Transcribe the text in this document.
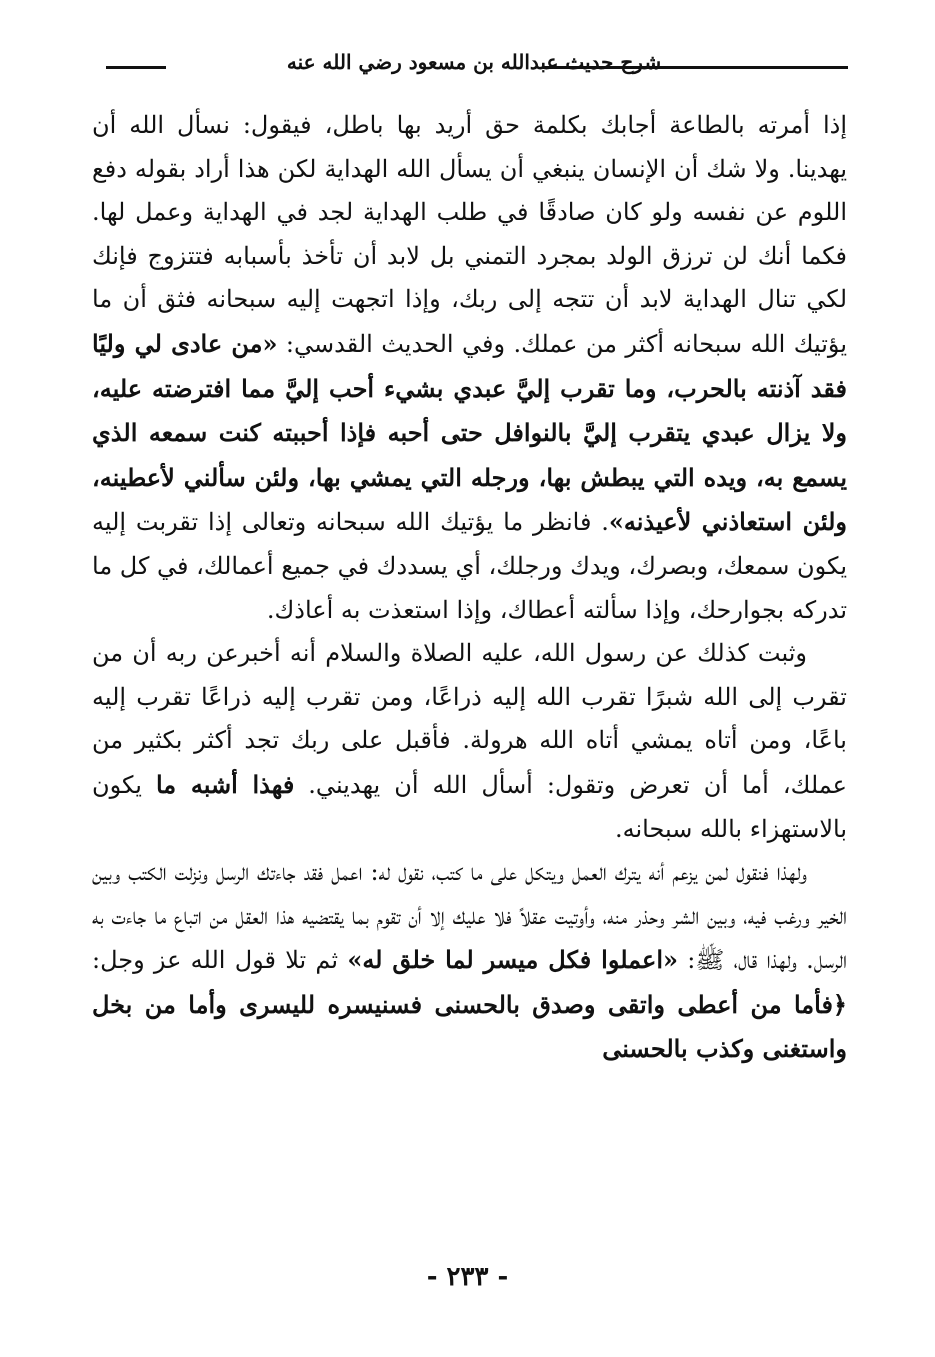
شرح حديث عبدالله بن مسعود رضي الله عنه

إذا أمرته بالطاعة أجابك بكلمة حق أريد بها باطل، فيقول: نسأل الله أن يهدينا. ولا شك أن الإنسان ينبغي أن يسأل الله الهداية لكن هذا أراد بقوله دفع اللوم عن نفسه ولو كان صادقًا في طلب الهداية لجد في الهداية وعمل لها. فكما أنك لن ترزق الولد بمجرد التمني بل لابد أن تأخذ بأسبابه فتتزوج فإنك لكي تنال الهداية لابد أن تتجه إلى ربك، وإذا اتجهت إليه سبحانه فثق أن ما يؤتيك الله سبحانه أكثر من عملك. وفي الحديث القدسي: «من عادى لي وليًا فقد آذنته بالحرب، وما تقرب إليَّ عبدي بشيء أحب إليَّ مما افترضته عليه، ولا يزال عبدي يتقرب إليَّ بالنوافل حتى أحبه فإذا أحببته كنت سمعه الذي يسمع به، ويده التي يبطش بها، ورجله التي يمشي بها، ولئن سألني لأعطينه، ولئن استعاذني لأعيذنه». فانظر ما يؤتيك الله سبحانه وتعالى إذا تقربت إليه يكون سمعك، وبصرك، ويدك ورجلك، أي يسددك في جميع أعمالك، في كل ما تدركه بجوارحك، وإذا سألته أعطاك، وإذا استعذت به أعاذك.

وثبت كذلك عن رسول الله، عليه الصلاة والسلام أنه أخبرعن ربه أن من تقرب إلى الله شبرًا تقرب الله إليه ذراعًا، ومن تقرب إليه ذراعًا تقرب إليه باعًا، ومن أتاه يمشي أتاه الله هرولة. فأقبل على ربك تجد أكثر بكثير من عملك، أما أن تعرض وتقول: أسأل الله أن يهديني. فهذا أشبه ما يكون بالاستهزاء بالله سبحانه.

ولهذا فنقول لمن يزعم أنه يترك العمل ويتكل على ما كتب، نقول له: اعمل فقد جاءتك الرسل ونزلت الكتب وبين الخير ورغب فيه، وبين الشر وحذر منه، وأوتيت عقلاً فلا عليك إلا أن تقوم بما يقتضيه هذا العقل من اتباع ما جاءت به الرسل. ولهذا قال، ﷺ: «اعملوا فكل ميسر لما خلق له» ثم تلا قول الله عز وجل: ﴿فأما من أعطى واتقى وصدق بالحسنى فسنيسره لليسرى وأما من بخل واستغنى وكذب بالحسنى

- ٢٣٣ -
